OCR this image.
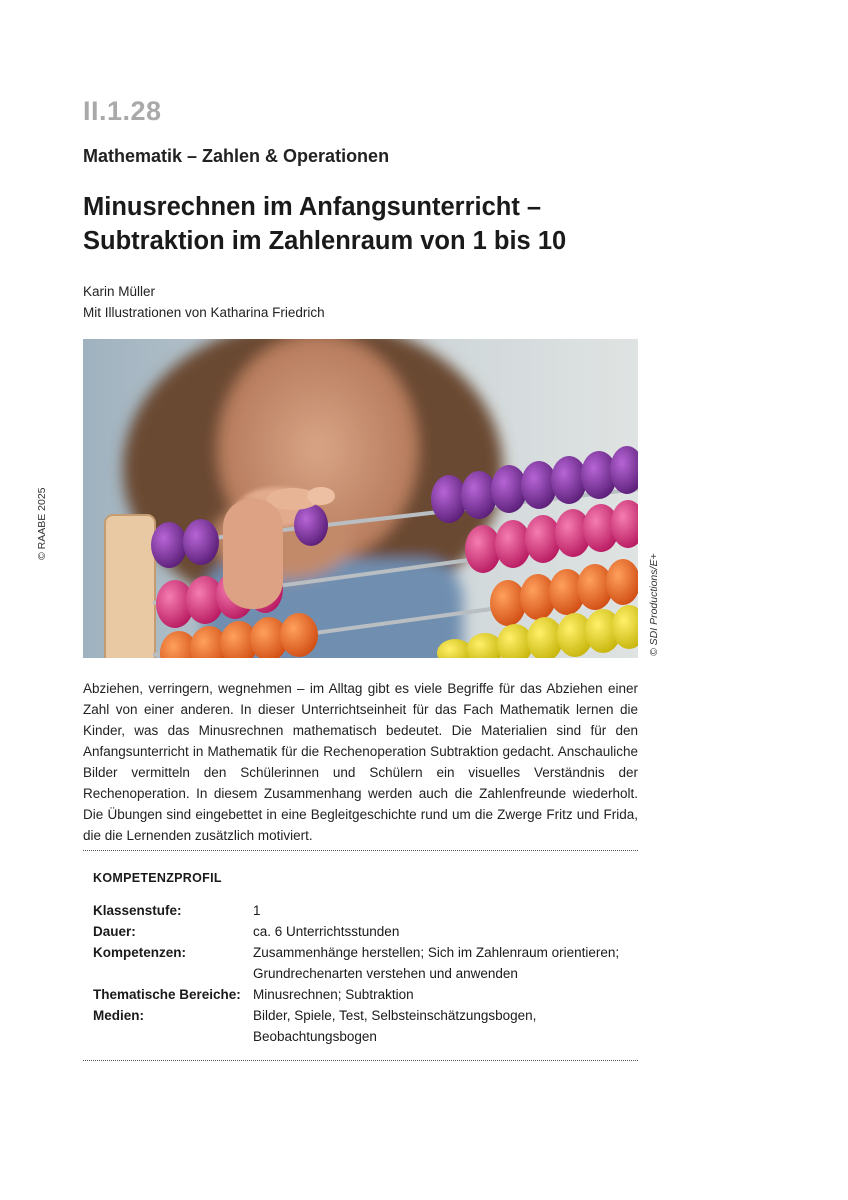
II.1.28
Mathematik – Zahlen & Operationen
Minusrechnen im Anfangsunterricht –
Subtraktion im Zahlenraum von 1 bis 10
Karin Müller
Mit Illustrationen von Katharina Friedrich
© RAABE 2025
© SDI Productions/E+
Abziehen, verringern, wegnehmen – im Alltag gibt es viele Begriffe für das Abziehen einer Zahl von einer anderen. In dieser Unterrichtseinheit für das Fach Mathematik lernen die Kinder, was das Minusrechnen mathematisch bedeutet. Die Materialien sind für den Anfangsunterricht in Mathematik für die Rechenoperation Subtraktion gedacht. Anschauliche Bilder vermitteln den Schülerinnen und Schülern ein visuelles Verständnis der Rechenoperation. In diesem Zusammenhang werden auch die Zahlenfreunde wiederholt. Die Übungen sind eingebettet in eine Begleitgeschichte rund um die Zwerge Fritz und Frida, die die Lernenden zusätzlich motiviert.
KOMPETENZPROFIL
Klassenstufe:	1
Dauer:	ca. 6 Unterrichtsstunden
Kompetenzen:	Zusammenhänge herstellen; Sich im Zahlenraum orientieren;
Grundrechenarten verstehen und anwenden
Thematische Bereiche: Minusrechnen; Subtraktion
Medien:	Bilder, Spiele, Test, Selbsteinschätzungsbogen,
Beobachtungsbogen
